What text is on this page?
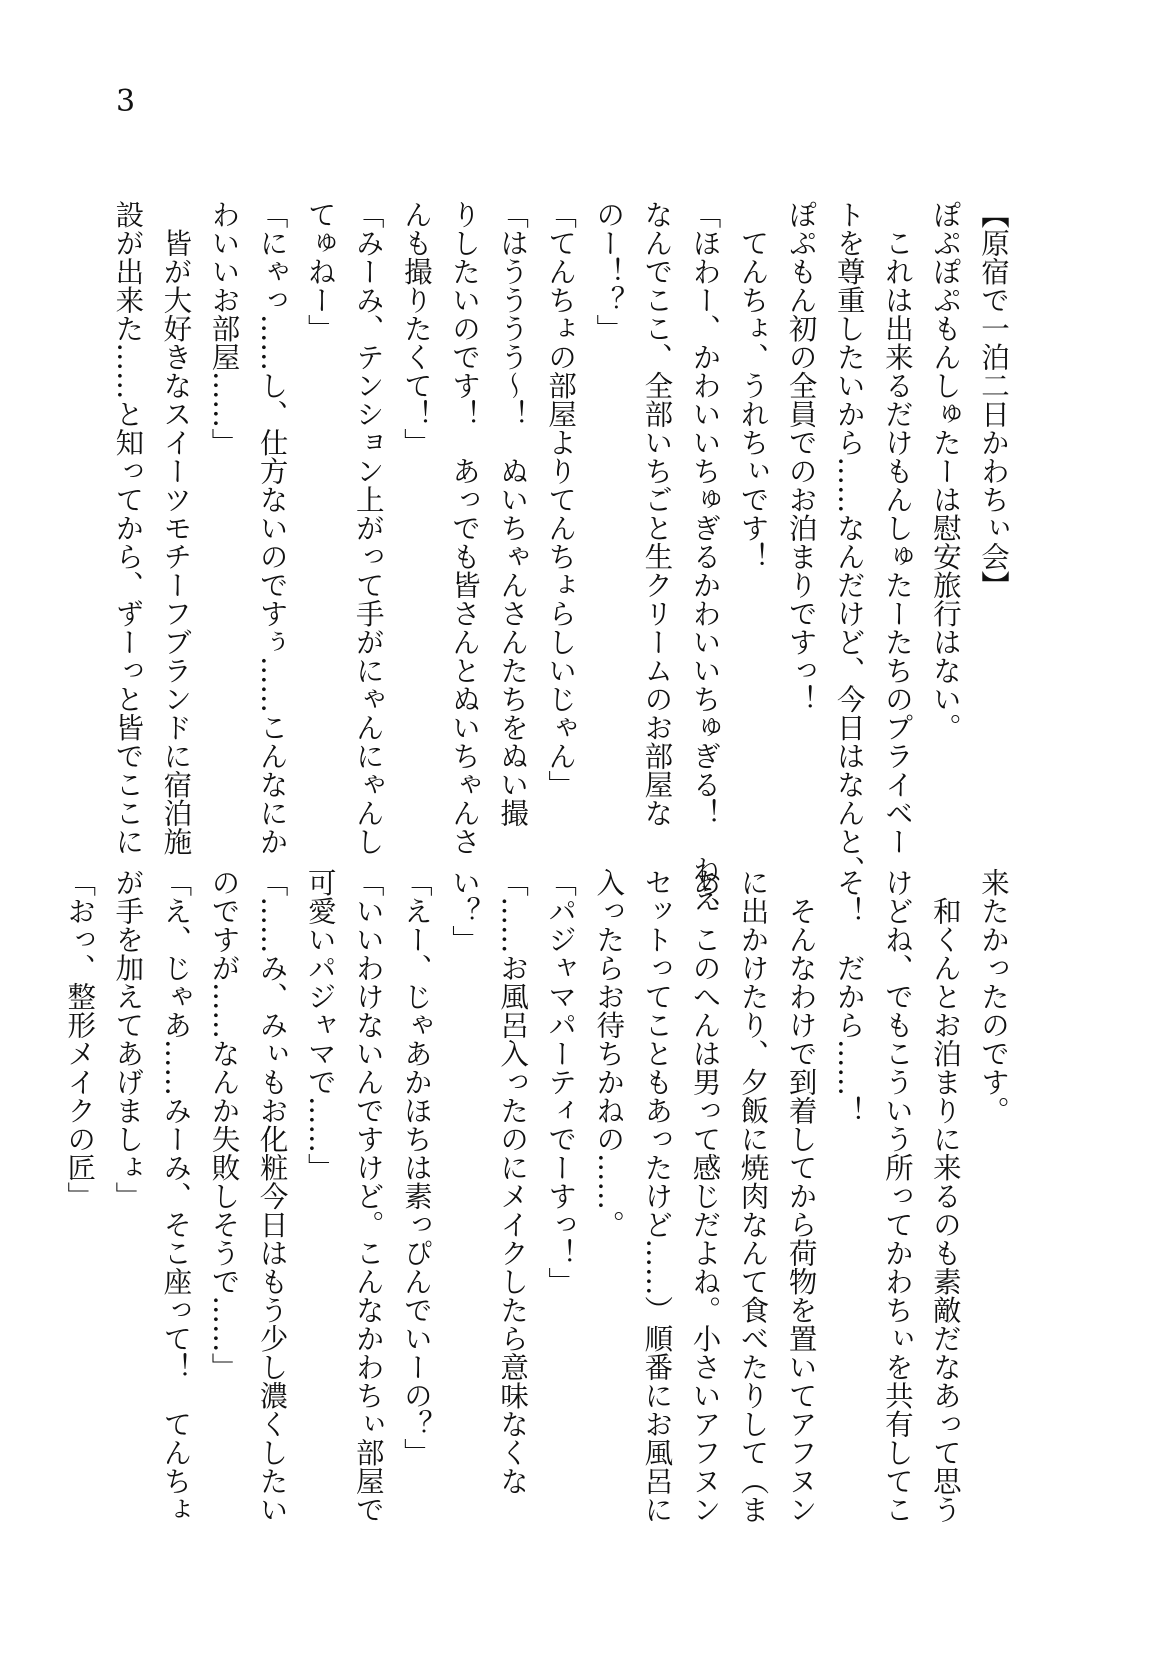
3
【原宿で一泊二日かわちぃ会】
ぽぷぽぷもんしゅたーは慰安旅行はない。
　これは出来るだけもんしゅたーたちのプライベー
トを尊重したいから……なんだけど、今日はなんと、
ぽぷもん初の全員でのお泊まりですっ！
　てんちょ、うれちぃです！
「ほわー、かわいいちゅぎるかわいいちゅぎる！　ねえ
なんでここ、全部いちごと生クリームのお部屋な
のー！？」
「てんちょの部屋よりてんちょらしいじゃん」
「はうううう〜！　ぬいちゃんさんたちをぬい撮
りしたいのです！　あっでも皆さんとぬいちゃんさ
んも撮りたくて！」
「みーみ、テンション上がって手がにゃんにゃんし
てゅねー」
「にゃっ……し、仕方ないのですぅ……こんなにか
わいいお部屋……」
　皆が大好きなスイーツモチーフブランドに宿泊施
設が出来た……と知ってから、ずーっと皆でここに
来たかったのです。
　和くんとお泊まりに来るのも素敵だなあって思う
けどね、でもこういう所ってかわちぃを共有してこ
そ！　だから……！
　そんなわけで到着してから荷物を置いてアフヌン
に出かけたり、夕飯に焼肉なんて食べたりして（ま
あ、このへんは男って感じだよね。小さいアフヌン
セットってこともあったけど……）順番にお風呂に
入ったらお待ちかねの……。
「パジャマパーティでーすっ！」
「……お風呂入ったのにメイクしたら意味なくな
い？」
「えー、じゃあかほちは素っぴんでいーの？」
「いいわけないんですけど。こんなかわちぃ部屋で
可愛いパジャマで……」
「……み、みぃもお化粧今日はもう少し濃くしたい
のですが……なんか失敗しそうで……」
「え、じゃあ……みーみ、そこ座って！　てんちょ
が手を加えてあげましょ」
「おっ、整形メイクの匠」
